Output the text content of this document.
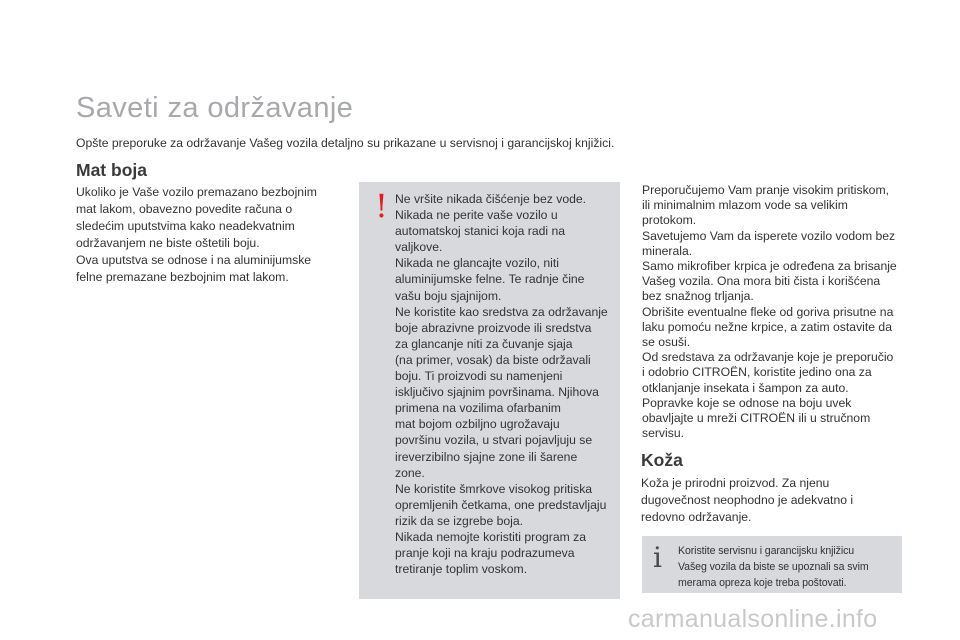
Saveti za održavanje

Opšte preporuke za održavanje Vašeg vozila detaljno su prikazane u servisnoj i garancijskoj knjižici.

Mat boja

Ukoliko je Vaše vozilo premazano bezbojnim

mat lakom, obavezno povedite računa o

sledećim uputstvima kako neadekvatnim

održavanjem ne biste oštetili boju.

Ova uputstva se odnose i na aluminijumske

felne premazane bezbojnim mat lakom.

! Ne vršite nikada čišćenje bez vode.

Nikada ne perite vaše vozilo u

automatskoj stanici koja radi na

valjkove.

Nikada ne glancajte vozilo, niti

aluminijumske felne. Te radnje čine

vašu boju sjajnijom.

Ne koristite kao sredstva za održavanje

boje abrazivne proizvode ili sredstva

za glancanje niti za čuvanje sjaja

(na primer, vosak) da biste održavali

boju. Ti proizvodi su namenjeni

isključivo sjajnim površinama. Njihova

primena na vozilima ofarbanim

mat bojom ozbiljno ugrožavaju

površinu vozila, u stvari pojavljuju se

ireverzibilno sjajne zone ili šarene

zone.

Ne koristite šmrkove visokog pritiska

opremljenih četkama, one predstavljaju

rizik da se izgrebe boja.

Nikada nemojte koristiti program za

pranje koji na kraju podrazumeva

tretiranje toplim voskom.

Preporučujemo Vam pranje visokim pritiskom,

ili minimalnim mlazom vode sa velikim

protokom.

Savetujemo Vam da isperete vozilo vodom bez

minerala.

Samo mikrofiber krpica je određena za brisanje

Vašeg vozila. Ona mora biti čista i korišćena

bez snažnog trljanja.

Obrišite eventualne fleke od goriva prisutne na

laku pomoću nežne krpice, a zatim ostavite da

se osuši.

Od sredstava za održavanje koje je preporučio

i odobrio CITROËN, koristite jedino ona za

otklanjanje insekata i šampon za auto.

Popravke koje se odnose na boju uvek

obavljajte u mreži CITROËN ili u stručnom

servisu.

Koža

Koža je prirodni proizvod. Za njenu

dugovečnost neophodno je adekvatno i

redovno održavanje.

i Koristite servisnu i garancijsku knjižicu

Vašeg vozila da biste se upoznali sa svim

merama opreza koje treba poštovati.

carmanualsonline.info
